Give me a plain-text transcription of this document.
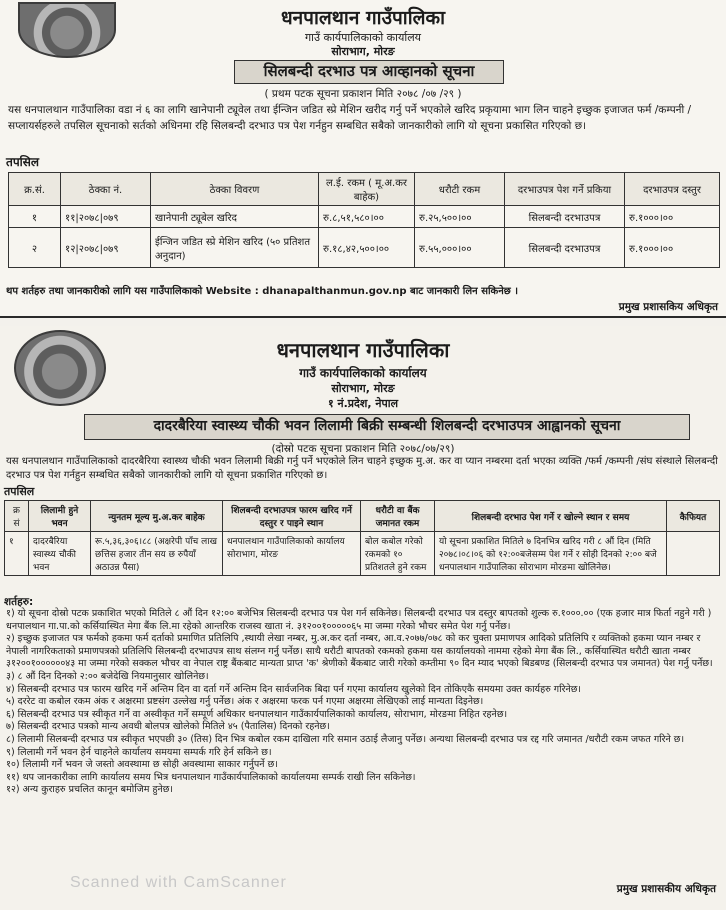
धनपालथान गाउँपालिका
गाउँ कार्यपालिकाको कार्यालय
सोराभाग, मोरङ
सिलबन्दी दरभाउ पत्र आव्हानको सूचना
( प्रथम पटक सूचना प्रकाशन मिति २०७८ /०७ /२९ )
यस धनपालथान गाउँपालिका वडा नं ६ का लागि खानेपानी ट्यूवेल तथा ईन्जिन जडित स्प्रे मेशिन खरीद गर्नु पर्ने भएकोले खरिद प्रकृयामा भाग लिन चाहने इच्छुक इजाजत फर्म /कम्पनी /सप्लायर्सहरुले तपसिल सूचनाको सर्तको अधिनमा रहि सिलबन्दी दरभाउ पत्र पेश गर्नहुन सम्बधित सबैको जानकारीको लागि यो सूचना प्रकासित गरिएको छ।
तपसिल
क्र.सं.	ठेक्का नं.	ठेक्का विवरण	ल.ई. रकम ( मू.अ.कर बाहेक)	धरौटी रकम	दरभाउपत्र पेश गर्ने प्रकिया	दरभाउपत्र दस्तुर
१	११|२०७८|०७९	खानेपानी ट्यूबेल खरिद	रु.८,५१,५८०।००	रु.२५,५००।००	सिलबन्दी दरभाउपत्र	रु.१०००।००
२	१२|२०७८|०७९	ईन्जिन जडित स्प्रे मेशिन खरिद (५० प्रतिशत अनुदान)	रु.१८,४२,५००।००	रु.५५,०००।००	सिलबन्दी दरभाउपत्र	रु.१०००।००
थप शर्तहरु तथा जानकारीको लागि यस गाउँपालिकाको Website : dhanapalthanmun.gov.np बाट जानकारी लिन सकिनेछ ।
प्रमुख प्रशासकिय अधिकृत
धनपालथान गाउँपालिका
गाउँ कार्यपालिकाको कार्यालय
सोराभाग, मोरङ
१ नं.प्रदेश, नेपाल
दादरबैरिया स्वास्थ्य चौकी भवन लिलामी बिक्री सम्बन्धी शिलबन्दी दरभाउपत्र आह्वानको सूचना
(दोस्रो पटक सूचना प्रकाशन मिति २०७८/०७/२९)
यस धनपालथान गाउँपालिकाको दादरबैरिया स्वास्थ्य चौकी भवन लिलामी बिक्री गर्नु पर्ने भएकोले लिन चाहने इच्छुक मु.अ. कर वा प्यान नम्बरमा दर्ता भएका व्यक्ति /फर्म /कम्पनी /संघ संस्थाले सिलबन्दी दरभाउ पत्र पेश गर्नहुन सम्बधित सबैको जानकारीको लागि यो सूचना प्रकाशित गरिएको छ।
तपसिल
क्र सं	लिलामी हुने भवन	न्युनतम मूल्य मु.अ.कर बाहेक	शिलबन्दी दरभाउपत्र फारम खरिद गर्ने दस्तुर र पाइने स्थान	धरौटी वा बैंक जमानत रकम	शिलबन्दी दरभाउ पेश गर्ने र खोल्ने स्थान र समय	कैफियत
१	दादरबैरिया स्वास्थ्य चौकी भवन	रू.५,३६,३०६।८८ (अक्षरेपी पाँच लाख छत्तिस हजार तीन सय छ रुपैयाँ अठाउन्न पैसा)	धनपालथान गाउँपालिकाको कार्यालय सोराभाग, मोरङ	बोल कबोल गरेको रकमको १० प्रतिशतले हुने रकम	यो सूचना प्रकाशित मितिले ७ दिनभित्र खरिद गरी ८ औं दिन (मिति २०७८।०८।०६ को १२:००बजेसम्म पेश गर्ने र सोही दिनको २:०० बजे धनपालथान गाउँपालिका सोराभाग मोरङमा खोलिनेछ।	
शर्तहरु:
१) यो सूचना दोस्रो पटक प्रकाशित भएको मितिले ८ औं दिन १२:०० बजेभित्र सिलबन्दी दरभाउ पत्र पेश गर्न सकिनेछ। सिलबन्दी दरभाउ पत्र दस्तुर बापतको शुल्क रु.१०००.०० (एक हजार मात्र फिर्ता नहुने गरी ) धनपालथान गा.पा.को कर्सियास्थित मेगा बैंक लि.मा रहेको आन्तरिक राजस्व खाता नं. ३१२००१०००००६५ मा जम्मा गरेको भौचर समेत पेश गर्नु पर्नेछ।
२) इच्छुक इजाजत पत्र फर्मको हकमा फर्म दर्ताको प्रमाणित प्रतिलिपि ,स्थायी लेखा नम्बर, मु.अ.कर दर्ता नम्बर, आ.व.२०७७/०७८ को कर चुक्ता प्रमाणपत्र आदिको प्रतिलिपि र व्यक्तिको हकमा प्यान नम्बर र नेपाली नागरिकताको प्रमाणपत्रको प्रतिलिपि सिलबन्दी दरभाउपत्र साथ संलग्न गर्नु पर्नेछ। साथै धरौटी बापतको रकमको हकमा यस कार्यालयको नाममा रहेको मेगा बैंक लि., कर्सियास्थित धरौटी खाता नम्बर ३१२००१००००००४३ मा जम्मा गरेको सक्कल भौचर वा नेपाल राष्ट्र बैंकबाट मान्यता प्राप्त 'क' श्रेणीको बैंकबाट जारी गरेको कम्तीमा ९० दिन म्याद भएको बिडबण्ड (सिलबन्दी दरभाउ पत्र जमानत) पेश गर्नु पर्नेछ।
३) ८ औं दिन दिनको २:०० बजेदेखि नियमानुसार खोलिनेछ।
४) सिलबन्दी दरभाउ पत्र फारम खरिद गर्ने अन्तिम दिन वा दर्ता गर्ने अन्तिम दिन सार्वजनिक बिदा पर्न गएमा कार्यालय खुलेको दिन तोकिएकै समयमा उक्त कार्यहरु गरिनेछ।
५) दररेट वा कबोल रकम अंक र अक्षरमा प्रष्टसंग उल्लेख गर्नु पर्नेछ। अंक र अक्षरमा फरक पर्न गएमा अक्षरमा लेखिएको लाई मान्यता दिइनेछ।
६) सिलबन्दी दरभाउ पत्र स्वीकृत गर्ने वा अस्वीकृत गर्ने सम्पूर्ण अधिकार धनपालथान गाउँकार्यपालिकाको कार्यालय, सोराभाग, मोरङमा निहित रहनेछ।
७) सिलबन्दी दरभाउ पत्रको मान्य अवधी बोलपत्र खोलेको मितिले ४५ (पैतालिस) दिनको रहनेछ।
८) लिलामी सिलबन्दी दरभाउ पत्र स्वीकृत भएपछी ३० (तिस) दिन भित्र कबोल रकम दाखिला गरि समान उठाई लैजानु पर्नेछ। अन्यथा सिलबन्दी दरभाउ पत्र रद्द गरि जमानत /धरौटी रकम जफत गरिने छ।
९) लिलामी गर्ने भवन हेर्न चाहनेले कार्यालय समयमा सम्पर्क गरि हेर्न सकिने छ।
१०) लिलामी गर्ने भवन जे जस्तो अवस्थामा छ सोही अवस्थामा साकार गर्नुपर्ने छ।
११) थप जानकारीका लागि कार्यालय समय भित्र धनपालथान गाउँकार्यपालिकाको कार्यालयमा सम्पर्क राखी लिन सकिनेछ।
१२) अन्य कुराहरु प्रचलित कानून बमोजिम हुनेछ।
प्रमुख प्रशासकीय अधिकृत
Scanned with CamScanner
